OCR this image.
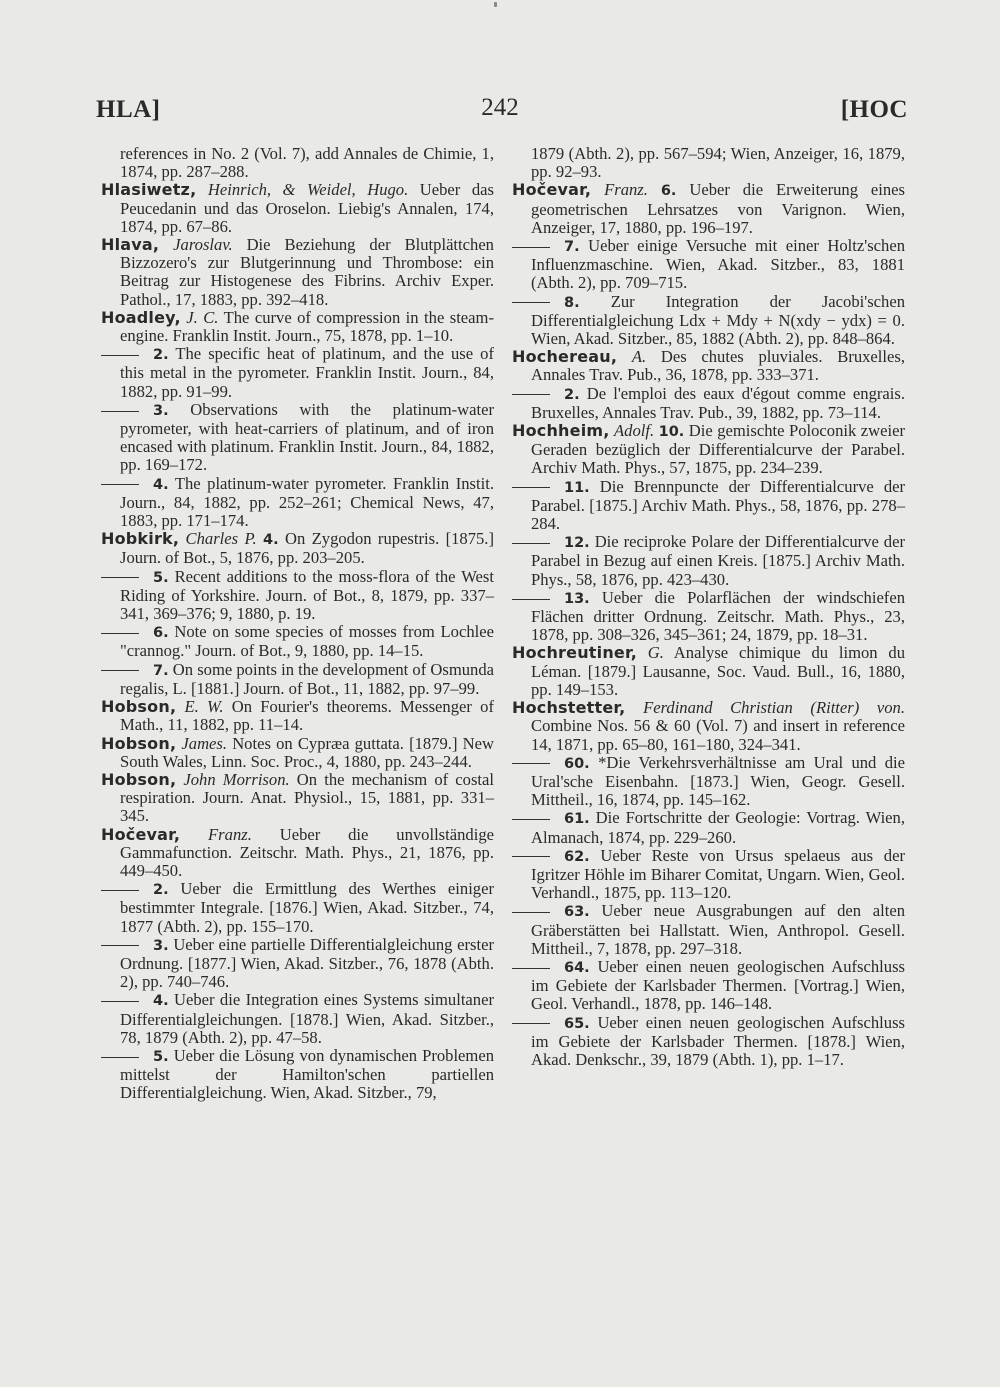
242
HLA]	[HOC

references in No. 2 (Vol. 7), add Annales de Chimie, 1, 1874, pp. 287–288.

Hlasiwetz, Heinrich, & Weidel, Hugo. Ueber das Peucedanin und das Oroselon. Liebig's Annalen, 174, 1874, pp. 67–86.

Hlava, Jaroslav. Die Beziehung der Blutplättchen Bizzozero's zur Blutgerinnung und Thrombose: ein Beitrag zur Histogenese des Fibrins. Archiv Exper. Pathol., 17, 1883, pp. 392–418.

Hoadley, J. C. The curve of compression in the steam-engine. Franklin Instit. Journ., 75, 1878, pp. 1–10.

2. The specific heat of platinum, and the use of this metal in the pyrometer. Franklin Instit. Journ., 84, 1882, pp. 91–99.

3. Observations with the platinum-water pyrometer, with heat-carriers of platinum, and of iron encased with platinum. Franklin Instit. Journ., 84, 1882, pp. 169–172.

4. The platinum-water pyrometer. Franklin Instit. Journ., 84, 1882, pp. 252–261; Chemical News, 47, 1883, pp. 171–174.

Hobkirk, Charles P. 4. On Zygodon rupestris. [1875.] Journ. of Bot., 5, 1876, pp. 203–205.

5. Recent additions to the moss-flora of the West Riding of Yorkshire. Journ. of Bot., 8, 1879, pp. 337–341, 369–376; 9, 1880, p. 19.

6. Note on some species of mosses from Lochlee "crannog." Journ. of Bot., 9, 1880, pp. 14–15.

7. On some points in the development of Osmunda regalis, L. [1881.] Journ. of Bot., 11, 1882, pp. 97–99.

Hobson, E. W. On Fourier's theorems. Messenger of Math., 11, 1882, pp. 11–14.

Hobson, James. Notes on Cypræa guttata. [1879.] New South Wales, Linn. Soc. Proc., 4, 1880, pp. 243–244.

Hobson, John Morrison. On the mechanism of costal respiration. Journ. Anat. Physiol., 15, 1881, pp. 331–345.

Hočevar, Franz. Ueber die unvollständige Gammafunction. Zeitschr. Math. Phys., 21, 1876, pp. 449–450.

2. Ueber die Ermittlung des Werthes einiger bestimmter Integrale. [1876.] Wien, Akad. Sitzber., 74, 1877 (Abth. 2), pp. 155–170.

3. Ueber eine partielle Differentialgleichung erster Ordnung. [1877.] Wien, Akad. Sitzber., 76, 1878 (Abth. 2), pp. 740–746.

4. Ueber die Integration eines Systems simultaner Differentialgleichungen. [1878.] Wien, Akad. Sitzber., 78, 1879 (Abth. 2), pp. 47–58.

5. Ueber die Lösung von dynamischen Problemen mittelst der Hamilton'schen partiellen Differentialgleichung. Wien, Akad. Sitzber., 79,

1879 (Abth. 2), pp. 567–594; Wien, Anzeiger, 16, 1879, pp. 92–93.

Hočevar, Franz. 6. Ueber die Erweiterung eines geometrischen Lehrsatzes von Varignon. Wien, Anzeiger, 17, 1880, pp. 196–197.

7. Ueber einige Versuche mit einer Holtz'schen Influenzmaschine. Wien, Akad. Sitzber., 83, 1881 (Abth. 2), pp. 709–715.

8. Zur Integration der Jacobi'schen Differentialgleichung Ldx + Mdy + N(xdy − ydx) = 0. Wien, Akad. Sitzber., 85, 1882 (Abth. 2), pp. 848–864.

Hochereau, A. Des chutes pluviales. Bruxelles, Annales Trav. Pub., 36, 1878, pp. 333–371.

2. De l'emploi des eaux d'égout comme engrais. Bruxelles, Annales Trav. Pub., 39, 1882, pp. 73–114.

Hochheim, Adolf. 10. Die gemischte Poloconik zweier Geraden bezüglich der Differentialcurve der Parabel. Archiv Math. Phys., 57, 1875, pp. 234–239.

11. Die Brennpuncte der Differentialcurve der Parabel. [1875.] Archiv Math. Phys., 58, 1876, pp. 278–284.

12. Die reciproke Polare der Differentialcurve der Parabel in Bezug auf einen Kreis. [1875.] Archiv Math. Phys., 58, 1876, pp. 423–430.

13. Ueber die Polarflächen der windschiefen Flächen dritter Ordnung. Zeitschr. Math. Phys., 23, 1878, pp. 308–326, 345–361; 24, 1879, pp. 18–31.

Hochreutiner, G. Analyse chimique du limon du Léman. [1879.] Lausanne, Soc. Vaud. Bull., 16, 1880, pp. 149–153.

Hochstetter, Ferdinand Christian (Ritter) von. Combine Nos. 56 & 60 (Vol. 7) and insert in reference 14, 1871, pp. 65–80, 161–180, 324–341.

60. *Die Verkehrsverhältnisse am Ural und die Ural'sche Eisenbahn. [1873.] Wien, Geogr. Gesell. Mittheil., 16, 1874, pp. 145–162.

61. Die Fortschritte der Geologie: Vortrag. Wien, Almanach, 1874, pp. 229–260.

62. Ueber Reste von Ursus spelaeus aus der Igritzer Höhle im Biharer Comitat, Ungarn. Wien, Geol. Verhandl., 1875, pp. 113–120.

63. Ueber neue Ausgrabungen auf den alten Gräberstätten bei Hallstatt. Wien, Anthropol. Gesell. Mittheil., 7, 1878, pp. 297–318.

64. Ueber einen neuen geologischen Aufschluss im Gebiete der Karlsbader Thermen. [Vortrag.] Wien, Geol. Verhandl., 1878, pp. 146–148.

65. Ueber einen neuen geologischen Aufschluss im Gebiete der Karlsbader Thermen. [1878.] Wien, Akad. Denkschr., 39, 1879 (Abth. 1), pp. 1–17.
